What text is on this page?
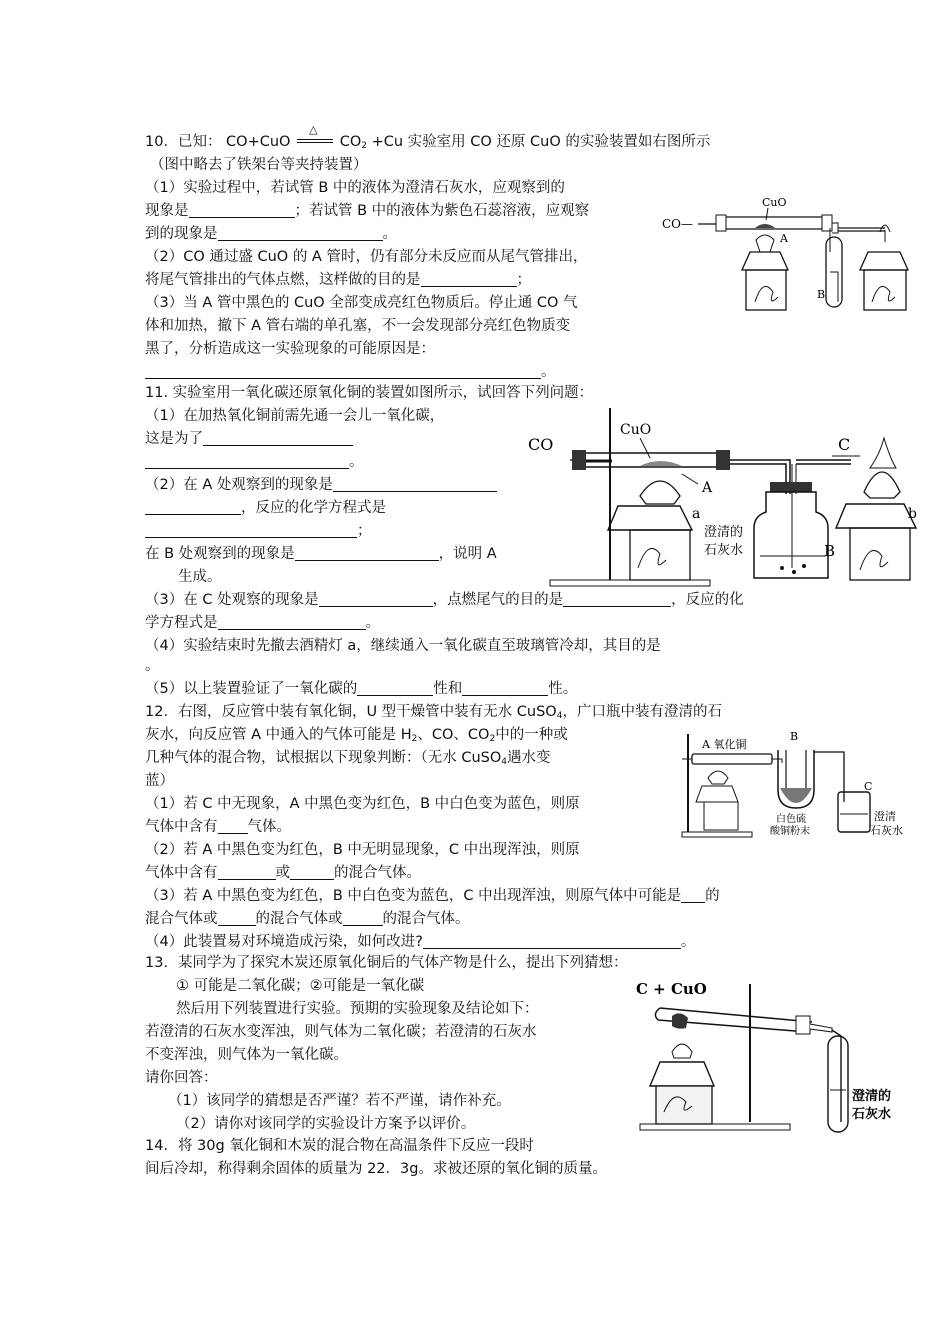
10．已知： CO+CuO
△
$CO_2 +Cu$ 实验室用 CO 还原 CuO 的实验装置如右图所示
（图中略去了铁架台等夹持装置）
（1）实验过程中，若试管 B 中的液体为澄清石灰水，应观察到的
现象是	；若试管 B 中的液体为紫色石蕊溶液，应观察
到的现象是	。
（2）CO 通过盛 CuO 的 A 管时，仍有部分未反应而从尾气管排出，
将尾气管排出的气体点燃，这样做的目的是	；
（3）当 A 管中黑色的 CuO 全部变成亮红色物质后。停止通 CO 气
体和加热，撤下 A 管右端的单孔塞，不一会发现部分亮红色物质变
黑了，分析造成这一实验现象的可能原因是：
。
CO—
CuO
A
B
11. 实验室用一氧化碳还原氧化铜的装置如图所示，试回答下列问题：
（1）在加热氧化铜前需先通一会儿一氧化碳，
这是为了
。
（2）在 A 处观察到的现象是
，反应的化学方程式是
；
在 B 处观察到的现象是	，说明 A
生成。
（3）在 C 处观察的现象是	，点燃尾气的目的是	，反应的化
学方程式是	。
（4）实验结束时先撤去酒精灯 a，继续通入一氧化碳直至玻璃管冷却，其目的是
。
（5）以上装置验证了一氧化碳的	性和	性。
CO
CuO
A
C
a
澄清的
石灰水	B
b
12．右图，反应管中装有氧化铜，U 型干燥管中装有无水 CuSO$_4$，广口瓶中装有澄清的石
灰水，向反应管 A 中通入的气体可能是 $H_2$、CO、$CO_2$中的一种或
几种气体的混合物，试根据以下现象判断：（无水 CuSO$_4$遇水变
蓝）
（1）若 C 中无现象，A 中黑色变为红色，B 中白色变为蓝色，则原
气体中含有 气体。
（2）若 A 中黑色变为红色，B 中无明显现象，C 中出现浑浊，则原
气体中含有	或	的混合气体。
（3）若 A 中黑色变为红色，B 中白色变为蓝色，C 中出现浑浊，则原气体中可能是 的
混合气体或	的混合气体或	的混合气体。
（4）此装置易对环境造成污染，如何改进?	。
A 氧化铜
B
白色硫
酸铜粉末
C
澄清
石灰水
13．某同学为了探究木炭还原氧化铜后的气体产物是什么，提出下列猜想：
① 可能是二氧化碳；②可能是一氧化碳
然后用下列装置进行实验。预期的实验现象及结论如下：
若澄清的石灰水变浑浊，则气体为二氧化碳；若澄清的石灰水
不变浑浊，则气体为一氧化碳。
请你回答：
（1）该同学的猜想是否严谨？若不严谨，请作补充。
（2）请你对该同学的实验设计方案予以评价。
C + CuO
澄清的
石灰水
14．将 30g 氧化铜和木炭的混合物在高温条件下反应一段时
间后冷却，称得剩余固体的质量为 22．3g。求被还原的氧化铜的质量。
